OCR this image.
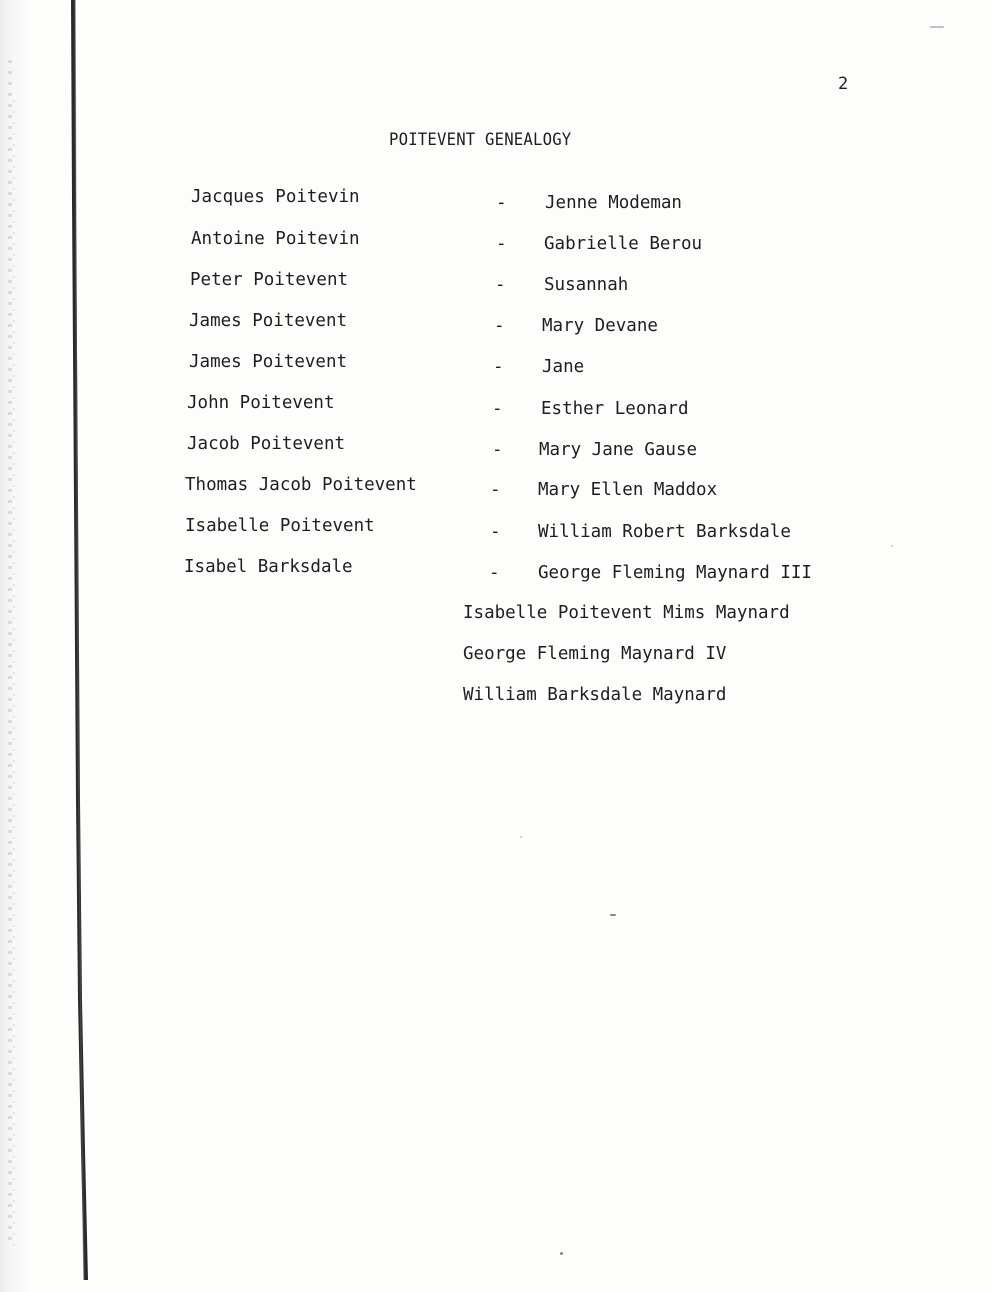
2
POITEVENT GENEALOGY
Jacques Poitevin	- Jenne Modeman
Antoine Poitevin	- Gabrielle Berou
Peter Poitevent	- Susannah
James Poitevent	- Mary Devane
James Poitevent	- Jane
John Poitevent	- Esther Leonard
Jacob Poitevent	- Mary Jane Gause
Thomas Jacob Poitevent	- Mary Ellen Maddox
Isabelle Poitevent	- William Robert Barksdale
Isabel Barksdale	- George Fleming Maynard III
Isabelle Poitevent Mims Maynard
George Fleming Maynard IV
William Barksdale Maynard
